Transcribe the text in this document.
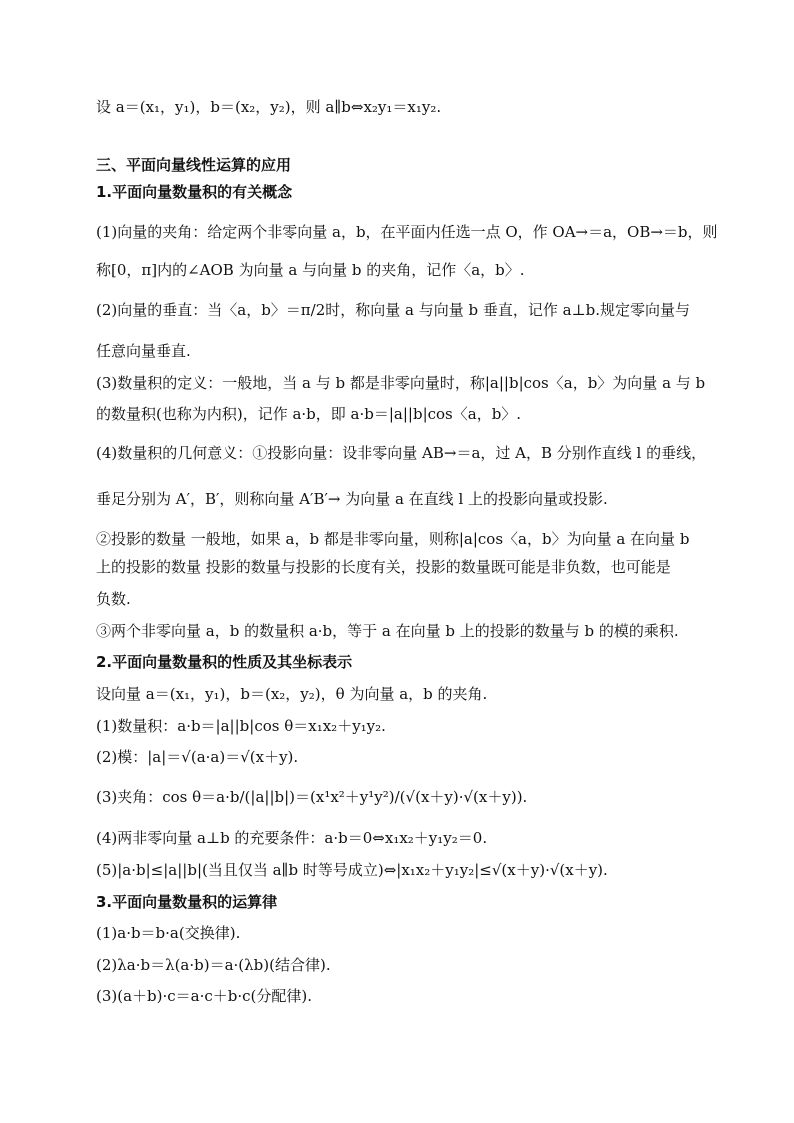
设 a＝(x₁，y₁)，b＝(x₂，y₂)，则 a∥b⇔x₂y₁＝x₁y₂.
三、平面向量线性运算的应用
1.平面向量数量积的有关概念
(1)向量的夹角：给定两个非零向量 a，b，在平面内任选一点 O，作 OA→＝a，OB→＝b，则
称[0，π]内的∠AOB 为向量 a 与向量 b 的夹角，记作〈a，b〉.
(2)向量的垂直：当〈a，b〉＝π/2时，称向量 a 与向量 b 垂直，记作 a⊥b.规定零向量与
任意向量垂直.
(3)数量积的定义：一般地，当 a 与 b 都是非零向量时，称|a||b|cos〈a，b〉为向量 a 与 b
的数量积(也称为内积)，记作 a·b，即 a·b＝|a||b|cos〈a，b〉.
(4)数量积的几何意义：①投影向量：设非零向量 AB→＝a，过 A，B 分别作直线 l 的垂线，
垂足分别为 A′，B′，则称向量 A′B′→ 为向量 a 在直线 l 上的投影向量或投影.
②投影的数量 一般地，如果 a，b 都是非零向量，则称|a|cos〈a，b〉为向量 a 在向量 b
上的投影的数量 投影的数量与投影的长度有关，投影的数量既可能是非负数，也可能是
负数.
③两个非零向量 a，b 的数量积 a·b，等于 a 在向量 b 上的投影的数量与 b 的模的乘积.
2.平面向量数量积的性质及其坐标表示
设向量 a＝(x₁，y₁)，b＝(x₂，y₂)，θ 为向量 a，b 的夹角.
(1)数量积：a·b＝|a||b|cos θ＝x₁x₂＋y₁y₂.
(2)模：|a|＝√(a·a)＝√(x＋y).
(3)夹角：cos θ＝a·b/(|a||b|)＝(x¹x²＋y¹y²)/(√(x＋y)·√(x＋y)).
(4)两非零向量 a⊥b 的充要条件：a·b＝0⇔x₁x₂＋y₁y₂＝0.
(5)|a·b|≤|a||b|(当且仅当 a∥b 时等号成立)⇔|x₁x₂＋y₁y₂|≤√(x＋y)·√(x＋y).
3.平面向量数量积的运算律
(1)a·b＝b·a(交换律).
(2)λa·b＝λ(a·b)＝a·(λb)(结合律).
(3)(a＋b)·c＝a·c＋b·c(分配律).
